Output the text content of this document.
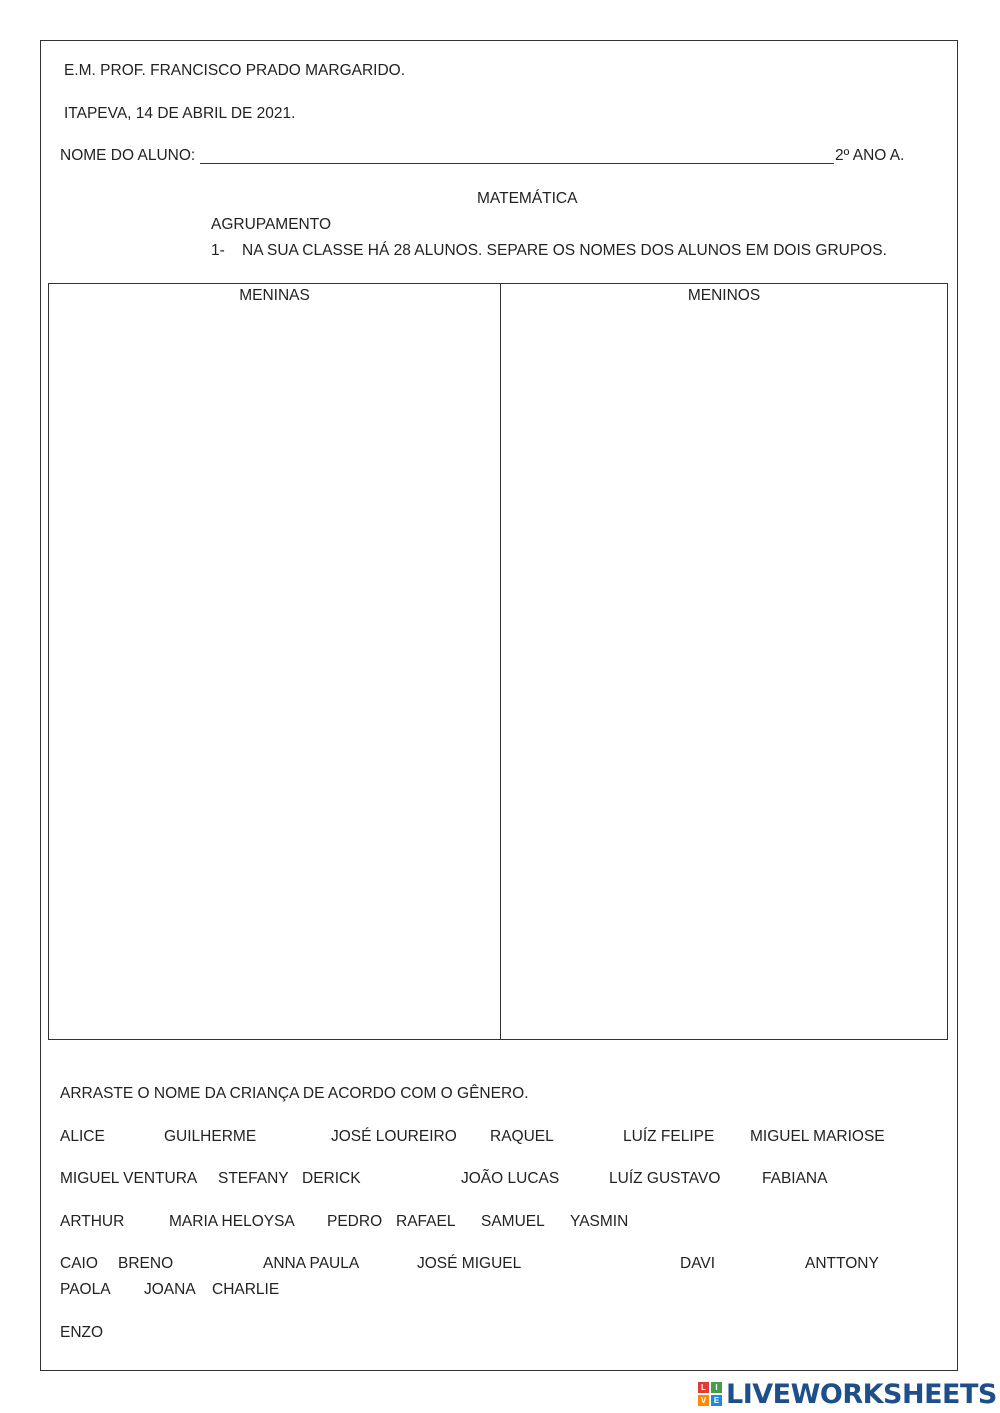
E.M. PROF. FRANCISCO PRADO MARGARIDO.
ITAPEVA, 14 DE ABRIL DE 2021.
NOME DO ALUNO:	2º ANO A.
MATEMÁTICA
AGRUPAMENTO
1- NA SUA CLASSE HÁ 28 ALUNOS. SEPARE OS NOMES DOS ALUNOS EM DOIS GRUPOS.
MENINAS	MENINOS
ARRASTE O NOME DA CRIANÇA DE ACORDO COM O GÊNERO.
ALICE	GUILHERME	JOSÉ LOUREIRO RAQUEL	LUÍZ FELIPE MIGUEL MARIOSE
MIGUEL VENTURA STEFANY DERICK	JOÃO LUCAS	LUÍZ GUSTAVO	FABIANA
ARTHUR	MARIA HELOYSA PEDRO RAFAEL SAMUEL YASMIN
CAIO BRENO	ANNA PAULA	JOSÉ MIGUEL	DAVI	ANTTONY
PAOLA JOANA CHARLIE
ENZO
L	I
V E LIVEWORKSHEETS
